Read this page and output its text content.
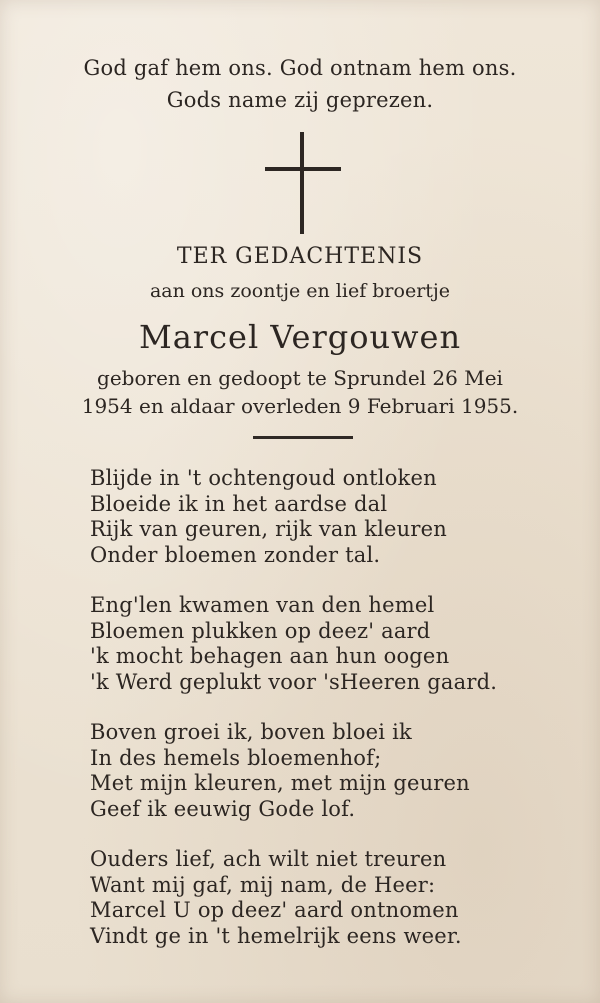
God gaf hem ons. God ontnam hem ons.
Gods name zij geprezen.
TER GEDACHTENIS
aan ons zoontje en lief broertje
Marcel Vergouwen
geboren en gedoopt te Sprundel 26 Mei
1954 en aldaar overleden 9 Februari 1955.
Blijde in 't ochtengoud ontloken
Bloeide ik in het aardse dal
Rijk van geuren, rijk van kleuren
Onder bloemen zonder tal.
Eng'len kwamen van den hemel
Bloemen plukken op deez' aard
'k mocht behagen aan hun oogen
'k Werd geplukt voor 'sHeeren gaard.
Boven groei ik, boven bloei ik
In des hemels bloemenhof;
Met mijn kleuren, met mijn geuren
Geef ik eeuwig Gode lof.
Ouders lief, ach wilt niet treuren
Want mij gaf, mij nam, de Heer:
Marcel U op deez' aard ontnomen
Vindt ge in 't hemelrijk eens weer.
